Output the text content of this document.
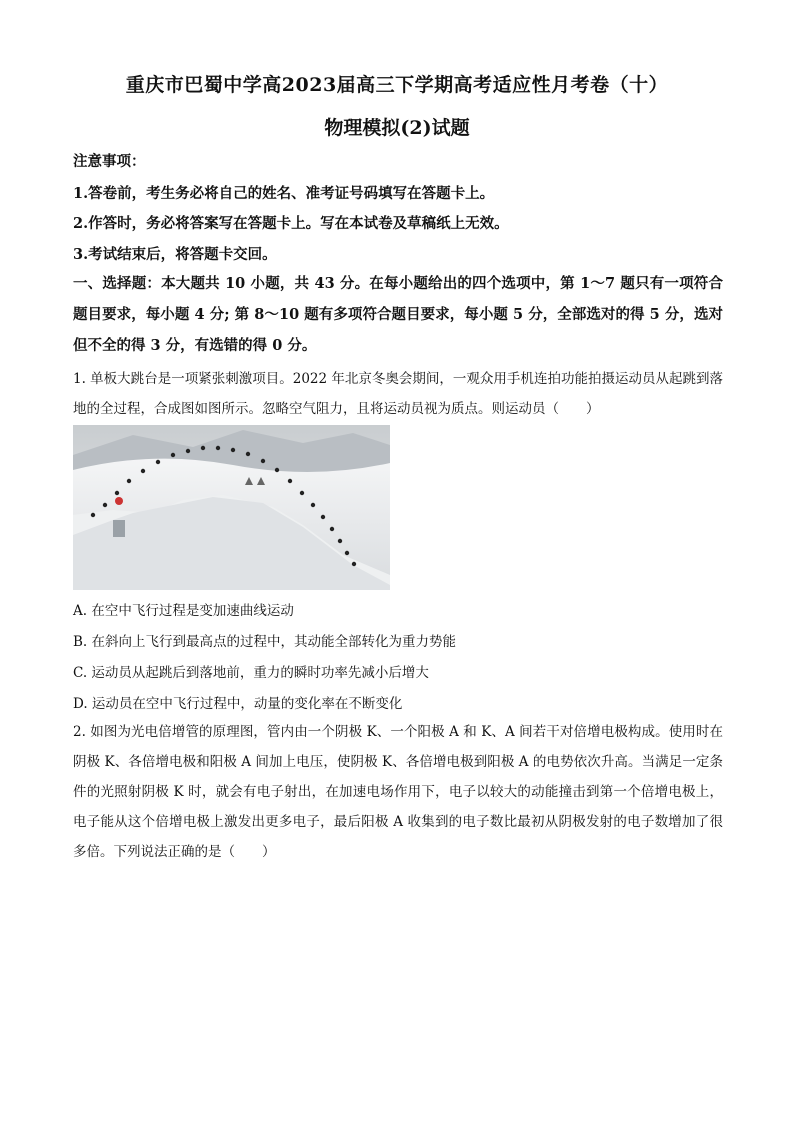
重庆市巴蜀中学高2023届高三下学期高考适应性月考卷（十）
物理模拟(2)试题
注意事项：
1.答卷前，考生务必将自己的姓名、准考证号码填写在答题卡上。
2.作答时，务必将答案写在答题卡上。写在本试卷及草稿纸上无效。
3.考试结束后，将答题卡交回。
一、选择题：本大题共 10 小题，共 43 分。在每小题给出的四个选项中，第 1～7 题只有一项符合题目要求，每小题 4 分; 第 8～10 题有多项符合题目要求，每小题 5 分，全部选对的得 5 分，选对但不全的得 3 分，有选错的得 0 分。
1. 单板大跳台是一项紧张刺激项目。2022 年北京冬奥会期间，一观众用手机连拍功能拍摄运动员从起跳到落地的全过程，合成图如图所示。忽略空气阻力，且将运动员视为质点。则运动员（　　）
A. 在空中飞行过程是变加速曲线运动
B. 在斜向上飞行到最高点的过程中，其动能全部转化为重力势能
C. 运动员从起跳后到落地前，重力的瞬时功率先减小后增大
D. 运动员在空中飞行过程中，动量的变化率在不断变化
2. 如图为光电倍增管的原理图，管内由一个阴极 K、一个阳极 A 和 K、A 间若干对倍增电极构成。使用时在阴极 K、各倍增电极和阳极 A 间加上电压，使阴极 K、各倍增电极到阳极 A 的电势依次升高。当满足一定条件的光照射阴极 K 时，就会有电子射出，在加速电场作用下，电子以较大的动能撞击到第一个倍增电极上，电子能从这个倍增电极上激发出更多电子，最后阳极 A 收集到的电子数比最初从阴极发射的电子数增加了很多倍。下列说法正确的是（　　）
